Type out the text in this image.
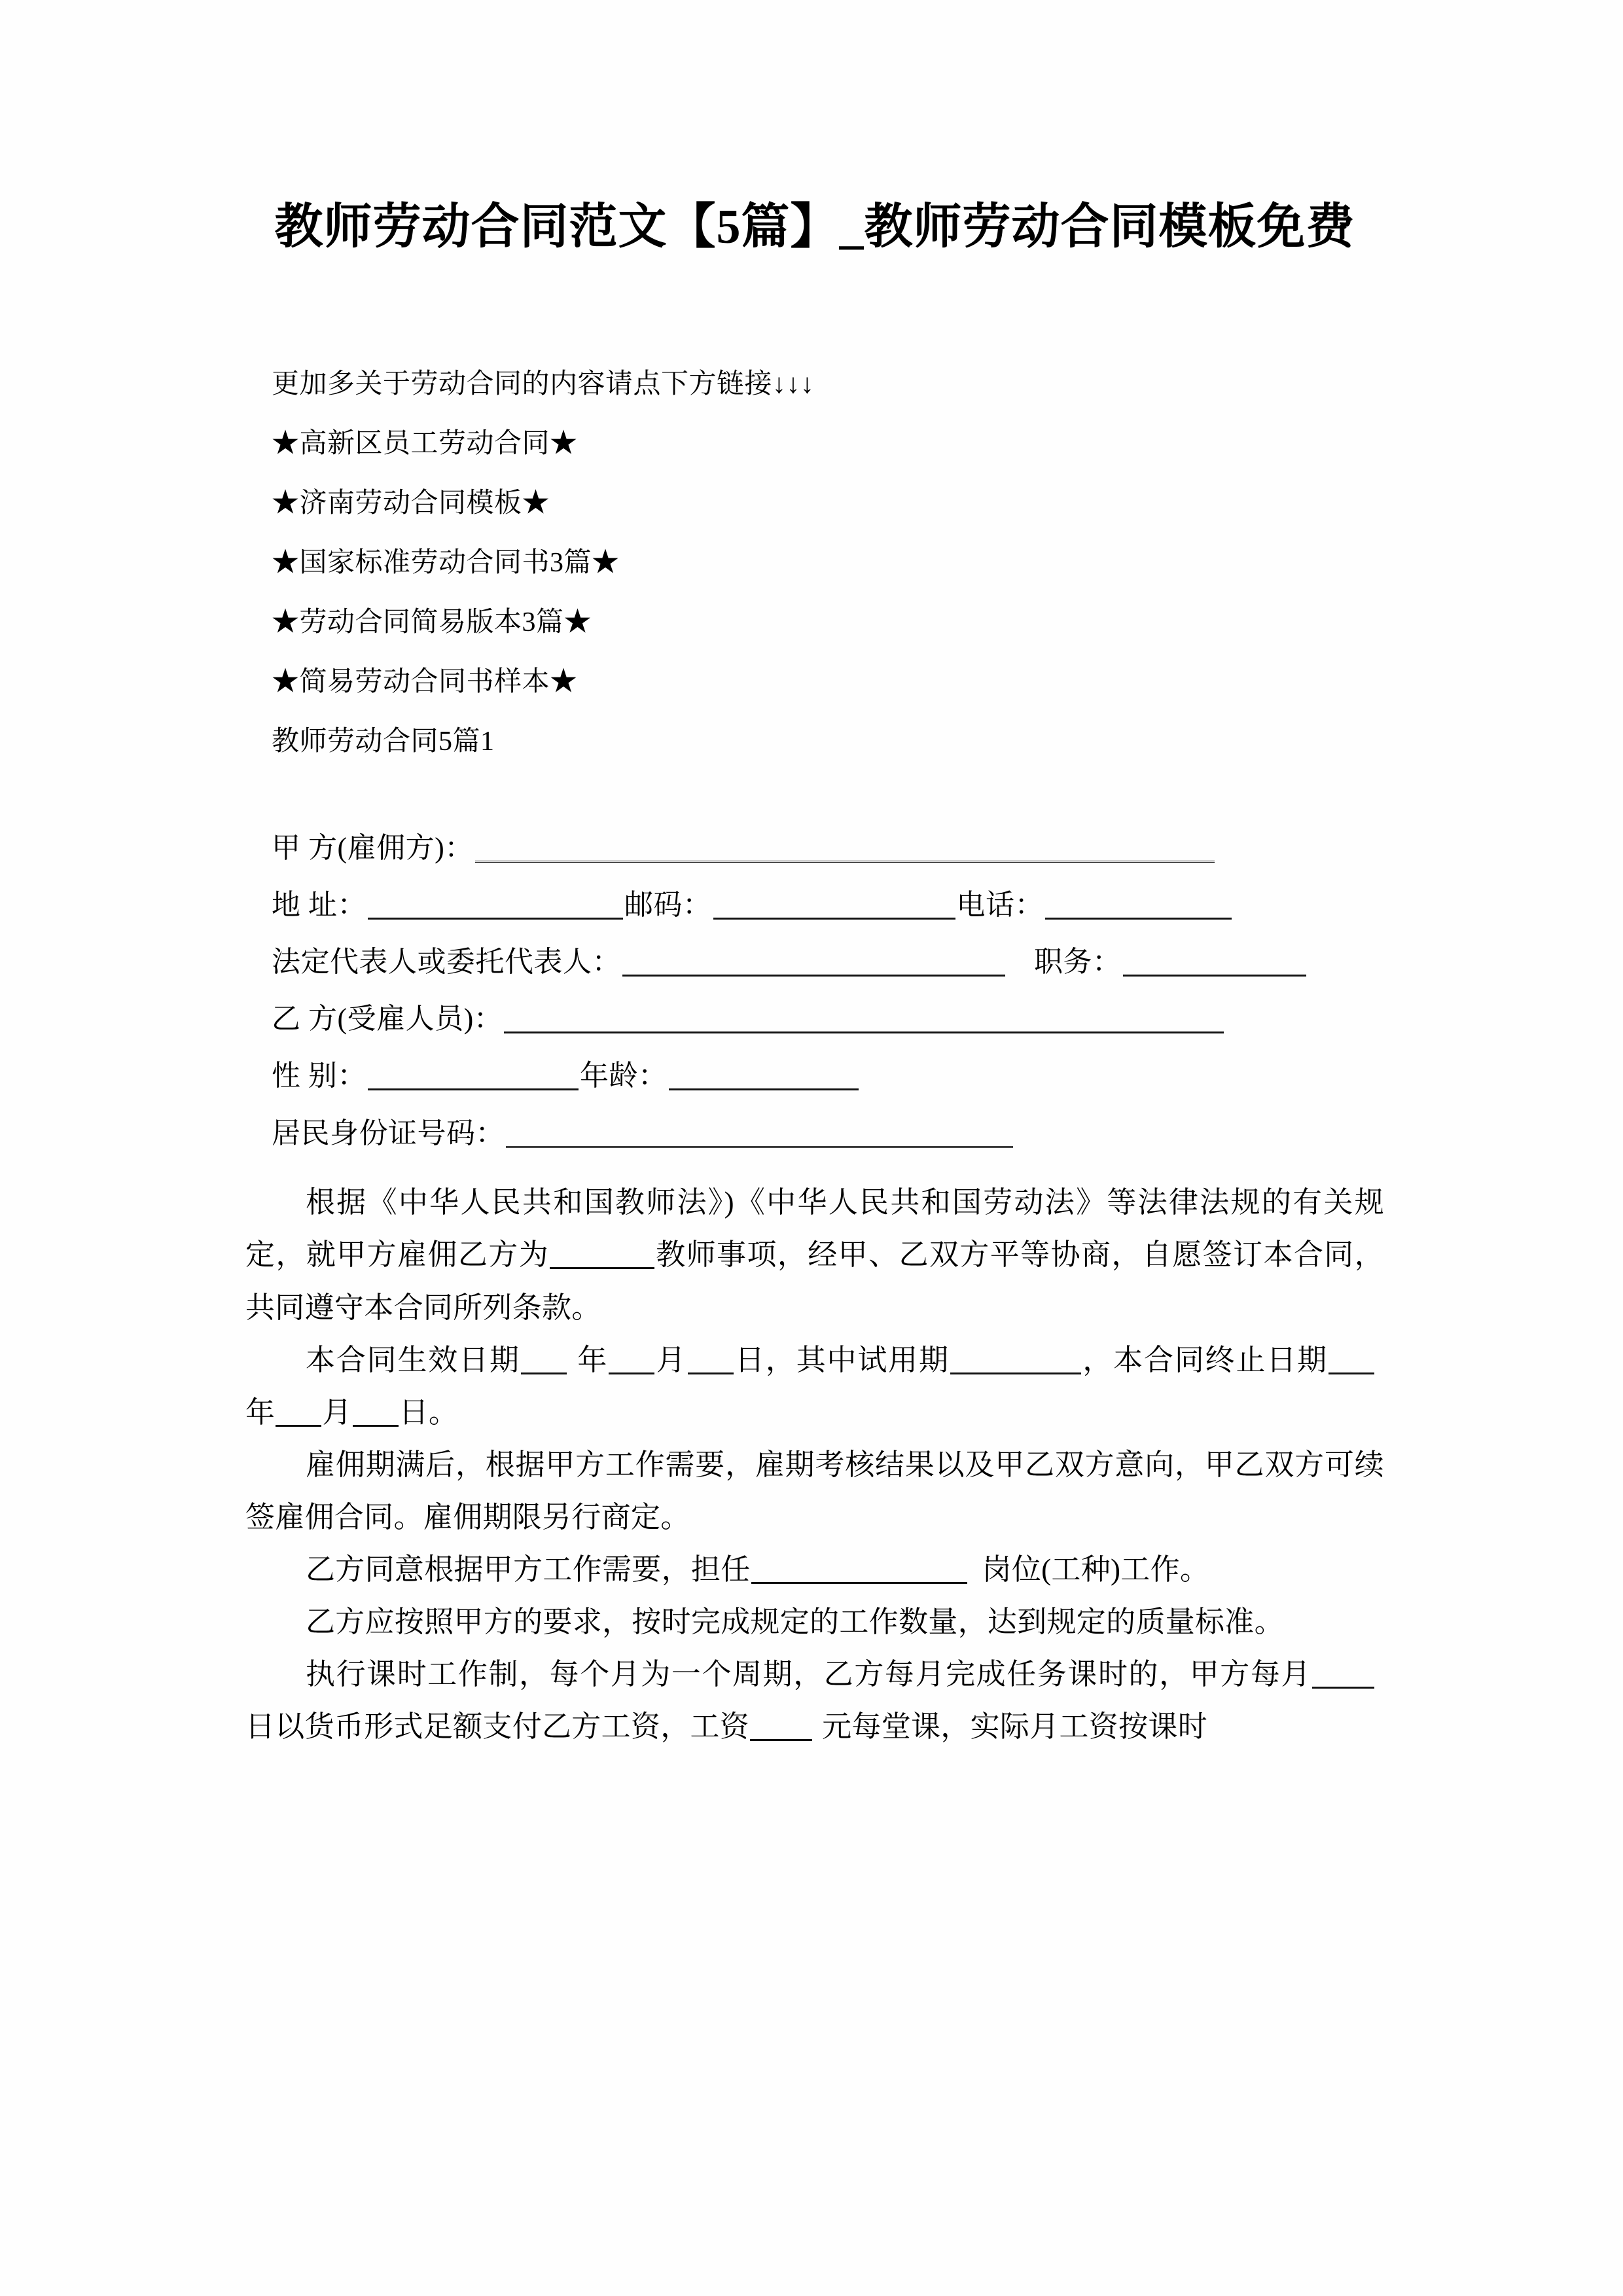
教师劳动合同范文【5篇】_教师劳动合同模板免费
更加多关于劳动合同的内容请点下方链接↓↓↓
★高新区员工劳动合同★
★济南劳动合同模板★
★国家标准劳动合同书3篇★
★劳动合同简易版本3篇★
★简易劳动合同书样本★
教师劳动合同5篇1
甲 方(雇佣方)：
地 址：	邮码：	电话：
法定代表人或委托代表人：	职务：
乙 方(受雇人员)：
性 别：	年龄：
居民身份证号码：

根据《中华人民共和国教师法》)《中华人民共和国劳动法》等法律法规的有关规定，就甲方雇佣乙方为	教师事项，经甲、乙双方平等协商，自愿签订本合同，共同遵守本合同所列条款。

本合同生效日期 年 月 日，其中试用期	，本合同终止日期年 月 日。

雇佣期满后，根据甲方工作需要，雇期考核结果以及甲乙双方意向，甲乙双方可续签雇佣合同。雇佣期限另行商定。

乙方同意根据甲方工作需要，担任	岗位(工种)工作。

乙方应按照甲方的要求，按时完成规定的工作数量，达到规定的质量标准。

执行课时工作制，每个月为一个周期，乙方每月完成任务课时的，甲方每月日以货币形式足额支付乙方工资，工资 元每堂课，实际月工资按课时
